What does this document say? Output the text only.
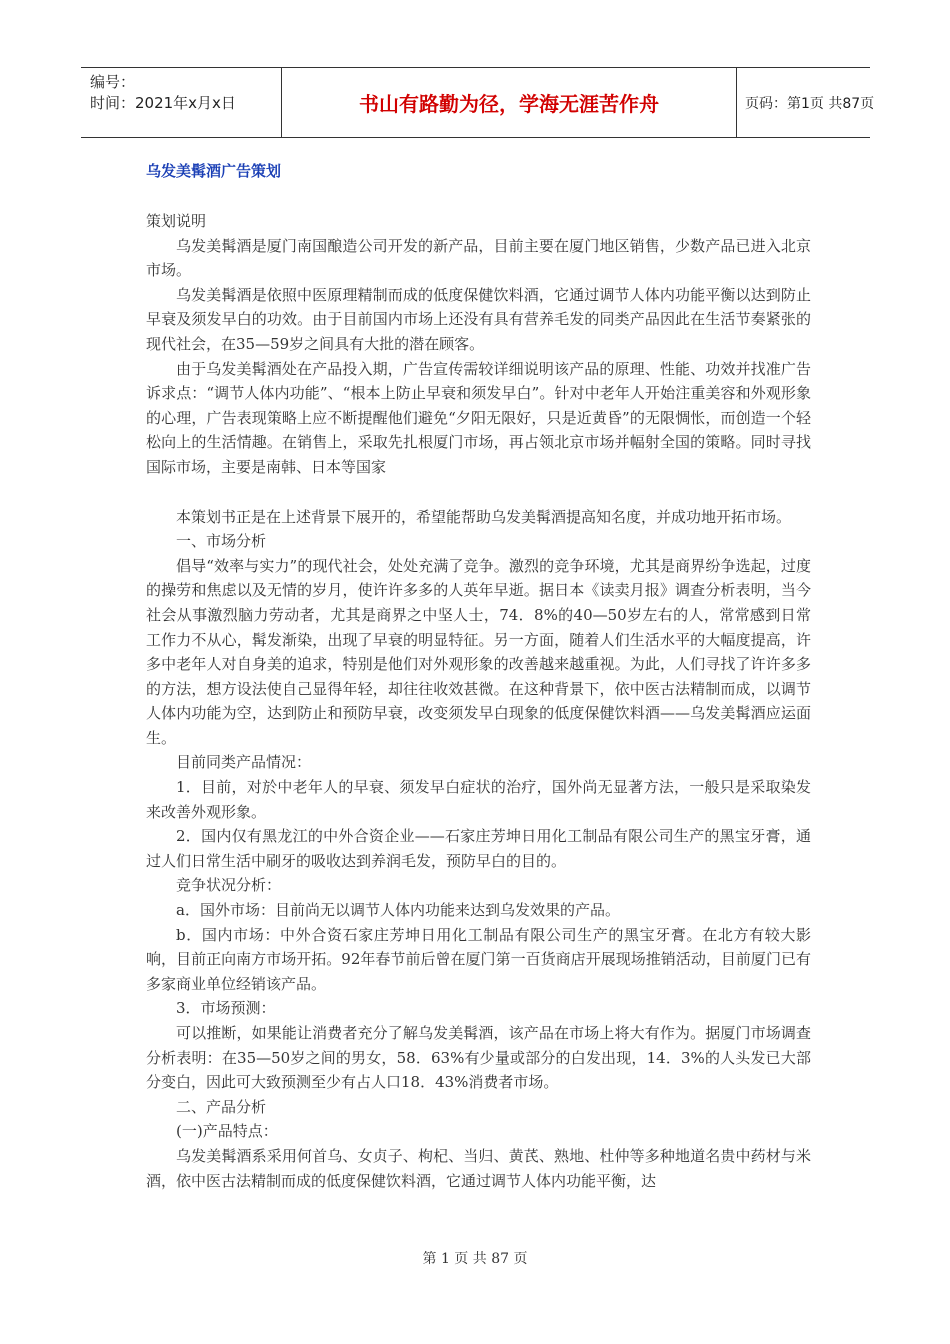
编号：
时间：2021年x月x日	书山有路勤为径，学海无涯苦作舟	页码：第1页 共87页
乌发美髯酒广告策划

策划说明

乌发美髯酒是厦门南国酿造公司开发的新产品，目前主要在厦门地区销售，少数产品已进入北京市场。

乌发美髯酒是依照中医原理精制而成的低度保健饮料酒，它通过调节人体内功能平衡以达到防止早衰及须发早白的功效。由于目前国内市场上还没有具有营养毛发的同类产品因此在生活节奏紧张的现代社会，在35—59岁之间具有大批的潜在顾客。

由于乌发美髯酒处在产品投入期，广告宣传需较详细说明该产品的原理、性能、功效并找准广告诉求点：“调节人体内功能”、“根本上防止早衰和须发早白”。针对中老年人开始注重美容和外观形象的心理，广告表现策略上应不断提醒他们避免“夕阳无限好，只是近黄昏”的无限惆怅，而创造一个轻松向上的生活情趣。在销售上，采取先扎根厦门市场，再占领北京市场并幅射全国的策略。同时寻找国际市场，主要是南韩、日本等国家

本策划书正是在上述背景下展开的，希望能帮助乌发美髯酒提高知名度，并成功地开拓市场。

一、市场分析

倡导“效率与实力”的现代社会，处处充满了竞争。激烈的竞争环境，尤其是商界纷争选起，过度的操劳和焦虑以及无情的岁月，使许许多多的人英年早逝。据日本《读卖月报》调查分析表明，当今社会从事激烈脑力劳动者，尤其是商界之中坚人士，74．8%的40—50岁左右的人，常常感到日常工作力不从心，髯发渐染，出现了早衰的明显特征。另一方面，随着人们生活水平的大幅度提高，许多中老年人对自身美的追求，特别是他们对外观形象的改善越来越重视。为此，人们寻找了许许多多的方法，想方设法使自己显得年轻，却往往收效甚微。在这种背景下，依中医古法精制而成，以调节人体内功能为空，达到防止和预防早衰，改变须发早白现象的低度保健饮料酒——乌发美髯酒应运面生。

目前同类产品情况：

1．目前，对於中老年人的早衰、须发早白症状的治疗，国外尚无显著方法，一般只是采取染发来改善外观形象。

2．国内仅有黑龙江的中外合资企业——石家庄芳坤日用化工制品有限公司生产的黑宝牙膏，通过人们日常生活中刷牙的吸收达到养润毛发，预防早白的目的。

竞争状况分析：

a．国外市场：目前尚无以调节人体内功能来达到乌发效果的产品。

b．国内市场：中外合资石家庄芳坤日用化工制品有限公司生产的黑宝牙膏。在北方有较大影响，目前正向南方市场开拓。92年春节前后曾在厦门第一百货商店开展现场推销活动，目前厦门已有多家商业单位经销该产品。

3．市场预测：

可以推断，如果能让消费者充分了解乌发美髯酒，该产品在市场上将大有作为。据厦门市场调查分析表明：在35—50岁之间的男女，58．63%有少量或部分的白发出现，14．3%的人头发已大部分变白，因此可大致预测至少有占人口18．43%消费者市场。

二、产品分析

(一)产品特点：

乌发美髯酒系采用何首乌、女贞子、枸杞、当归、黄芪、熟地、杜仲等多种地道名贵中药材与米酒，依中医古法精制而成的低度保健饮料酒，它通过调节人体内功能平衡，达

第 1 页 共 87 页
